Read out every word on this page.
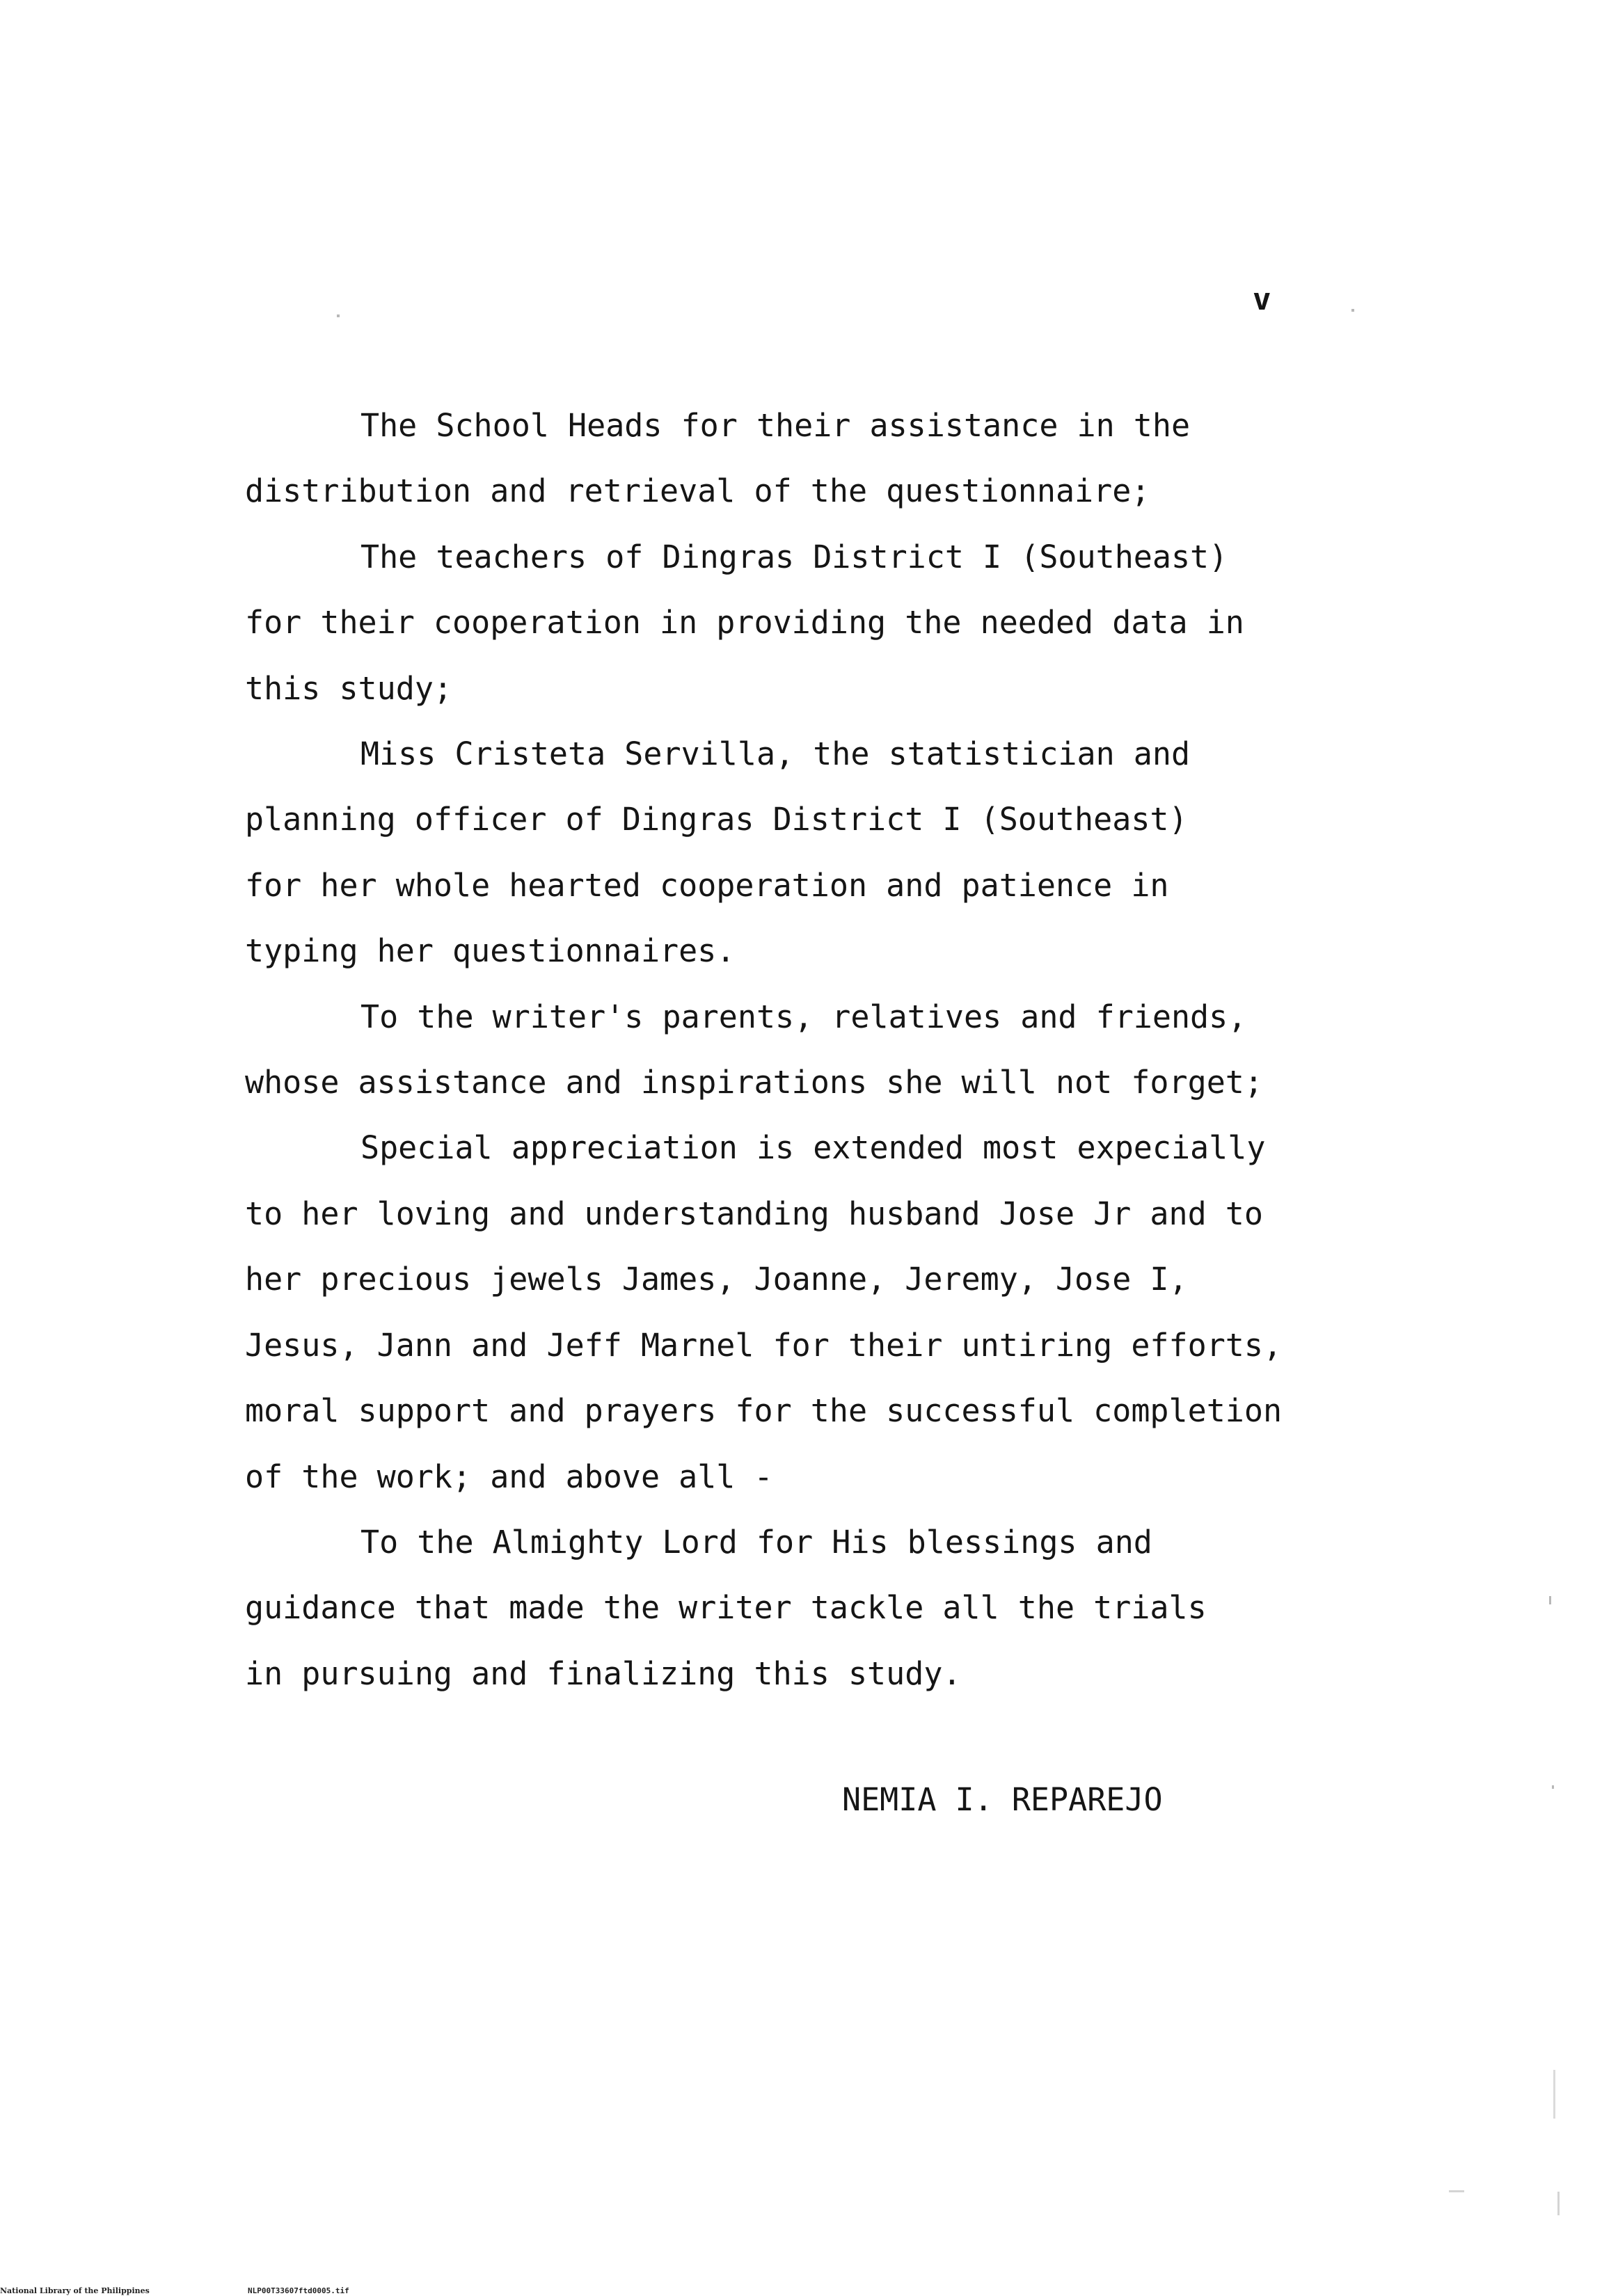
v

The School Heads for their assistance in the

distribution and retrieval of the questionnaire;

The teachers of Dingras District I (Southeast)

for their cooperation in providing the needed data in

this study;

Miss Cristeta Servilla, the statistician and

planning officer of Dingras District I (Southeast)

for her whole hearted cooperation and patience in

typing her questionnaires.

To the writer's parents, relatives and friends,

whose assistance and inspirations she will not forget;

Special appreciation is extended most expecially

to her loving and understanding husband Jose Jr and to

her precious jewels James, Joanne, Jeremy, Jose I,

Jesus, Jann and Jeff Marnel for their untiring efforts,

moral support and prayers for the successful completion

of the work; and above all -

To the Almighty Lord for His blessings and

guidance that made the writer tackle all the trials

in pursuing and finalizing this study.

NEMIA I. REPAREJO

National Library of the Philippines	NLP00T33607ftd0005.tif
